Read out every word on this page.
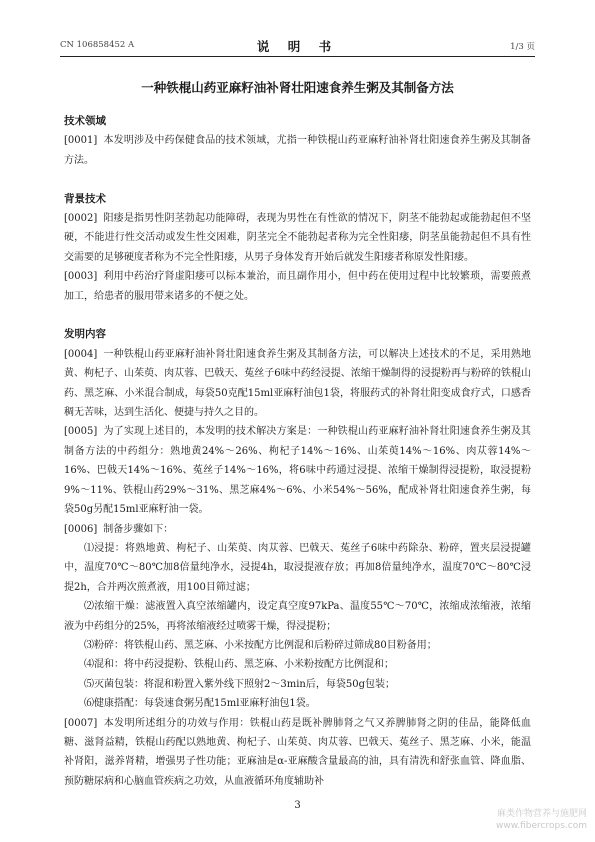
CN 106858452 A	说 明 书	1/3 页
一种铁棍山药亚麻籽油补肾壮阳速食养生粥及其制备方法
技术领域
[0001] 本发明涉及中药保健食品的技术领域，尤指一种铁棍山药亚麻籽油补肾壮阳速食养生粥及其制备方法。
背景技术
[0002] 阳痿是指男性阴茎勃起功能障碍，表现为男性在有性欲的情况下，阴茎不能勃起或能勃起但不坚硬，不能进行性交活动或发生性交困难，阴茎完全不能勃起者称为完全性阳痿，阴茎虽能勃起但不具有性交需要的足够硬度者称为不完全性阳痿，从男子身体发育开始后就发生阳痿者称原发性阳痿。
[0003] 利用中药治疗肾虚阳痿可以标本兼治，而且副作用小，但中药在使用过程中比较繁琐，需要煎煮加工，给患者的服用带来诸多的不便之处。
发明内容
[0004] 一种铁棍山药亚麻籽油补肾壮阳速食养生粥及其制备方法，可以解决上述技术的不足，采用熟地黄、枸杞子、山茱萸、肉苁蓉、巴戟天、菟丝子6味中药经浸提、浓缩干燥制得的浸提粉再与粉碎的铁棍山药、黑芝麻、小米混合制成，每袋50克配15ml亚麻籽油包1袋，将服药式的补肾壮阳变成食疗式，口感香稠无苦味，达到生活化、便捷与持久之目的。
[0005] 为了实现上述目的，本发明的技术解决方案是：一种铁棍山药亚麻籽油补肾壮阳速食养生粥及其制备方法的中药组分：熟地黄24%～26%、枸杞子14%～16%、山茱萸14%～16%、肉苁蓉14%～16%、巴戟天14%～16%、菟丝子14%～16%，将6味中药通过浸提、浓缩干燥制得浸提粉，取浸提粉9%～11%、铁棍山药29%～31%、黑芝麻4%～6%、小米54%～56%，配成补肾壮阳速食养生粥，每袋50g另配15ml亚麻籽油一袋。
[0006] 制备步骤如下：
⑴浸提：将熟地黄、枸杞子、山茱萸、肉苁蓉、巴戟天、菟丝子6味中药除杂、粉碎，置夹层浸提罐中，温度70℃～80℃加8倍量纯净水，浸提4h，取浸提液存放；再加8倍量纯净水，温度70℃～80℃浸提2h，合并两次煎煮液，用100目筛过滤；
⑵浓缩干燥：滤液置入真空浓缩罐内，设定真空度97kPa、温度55℃～70℃，浓缩成浓缩液，浓缩液为中药组分的25%，再将浓缩液经过喷雾干燥，得浸提粉；
⑶粉碎：将铁棍山药、黑芝麻、小米按配方比例混和后粉碎过筛成80目粉备用；
⑷混和：将中药浸提粉、铁棍山药、黑芝麻、小米粉按配方比例混和；
⑸灭菌包装：将混和粉置入紫外线下照射2～3min后，每袋50g包装；
⑹健康搭配：每袋速食粥另配15ml亚麻籽油包1袋。
[0007] 本发明所述组分的功效与作用：铁棍山药是既补脾肺肾之气又养脾肺肾之阴的佳品，能降低血糖、滋肾益精，铁棍山药配以熟地黄、枸杞子、山茱萸、肉苁蓉、巴戟天、菟丝子、黑芝麻、小米，能温补肾阳，滋养肾精，增强男子性功能；亚麻油是α-亚麻酸含量最高的油，具有清洗和舒张血管、降血脂、预防糖尿病和心脑血管疾病之功效，从血液循环角度辅助补
3
麻类作物营养与施肥网
www.fibercrops.com
